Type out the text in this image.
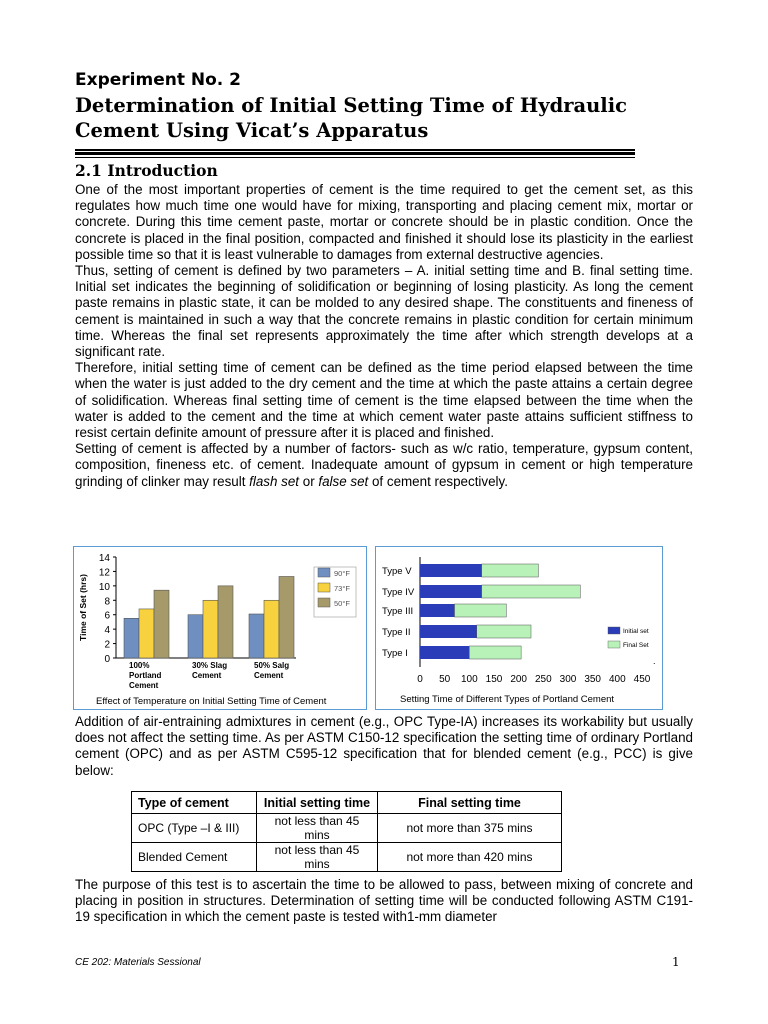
Experiment No. 2
Determination of Initial Setting Time of Hydraulic Cement Using Vicat’s Apparatus
2.1 Introduction

One of the most important properties of cement is the time required to get the cement set, as this regulates how much time one would have for mixing, transporting and placing cement mix, mortar or concrete. During this time cement paste, mortar or concrete should be in plastic condition. Once the concrete is placed in the final position, compacted and finished it should lose its plasticity in the earliest possible time so that it is least vulnerable to damages from external destructive agencies.

Thus, setting of cement is defined by two parameters – A. initial setting time and B. final setting time. Initial set indicates the beginning of solidification or beginning of losing plasticity. As long the cement paste remains in plastic state, it can be molded to any desired shape. The constituents and fineness of cement is maintained in such a way that the concrete remains in plastic condition for certain minimum time. Whereas the final set represents approximately the time after which strength develops at a significant rate.

Therefore, initial setting time of cement can be defined as the time period elapsed between the time when the water is just added to the dry cement and the time at which the paste attains a certain degree of solidification. Whereas final setting time of cement is the time elapsed between the time when the water is added to the cement and the time at which cement water paste attains sufficient stiffness to resist certain definite amount of pressure after it is placed and finished.

Setting of cement is affected by a number of factors- such as w/c ratio, temperature, gypsum content, composition, fineness etc. of cement. Inadequate amount of gypsum in cement or high temperature grinding of clinker may result flash set or false set of cement respectively.

0
2
4
6
8
10
12
14
Time of Set (hrs)
100%
Portland
Cement
30% Slag
Cement
50% Salg
Cement
90°F
73°F
50°F
Effect of Temperature on Initial Setting Time of Cement
0 50 100 150 200 250 300 350 400 450
Type V
Type IV
Type III
Type II
Type I
Initial set
Final Set
Setting Time of Different Types of Portland Cement
.

Addition of air-entraining admixtures in cement (e.g., OPC Type-IA) increases its workability but usually does not affect the setting time. As per ASTM C150-12 specification the setting time of ordinary Portland cement (OPC) and as per ASTM C595-12 specification that for blended cement (e.g., PCC) is give below:

Type of cement	Initial setting time	Final setting time
OPC (Type –I & III)	not less than 45 mins	not more than 375 mins
Blended Cement	not less than 45 mins	not more than 420 mins

The purpose of this test is to ascertain the time to be allowed to pass, between mixing of concrete and placing in position in structures. Determination of setting time will be conducted following ASTM C191-19 specification in which the cement paste is tested with1-mm diameter

CE 202: Materials Sessional	1
